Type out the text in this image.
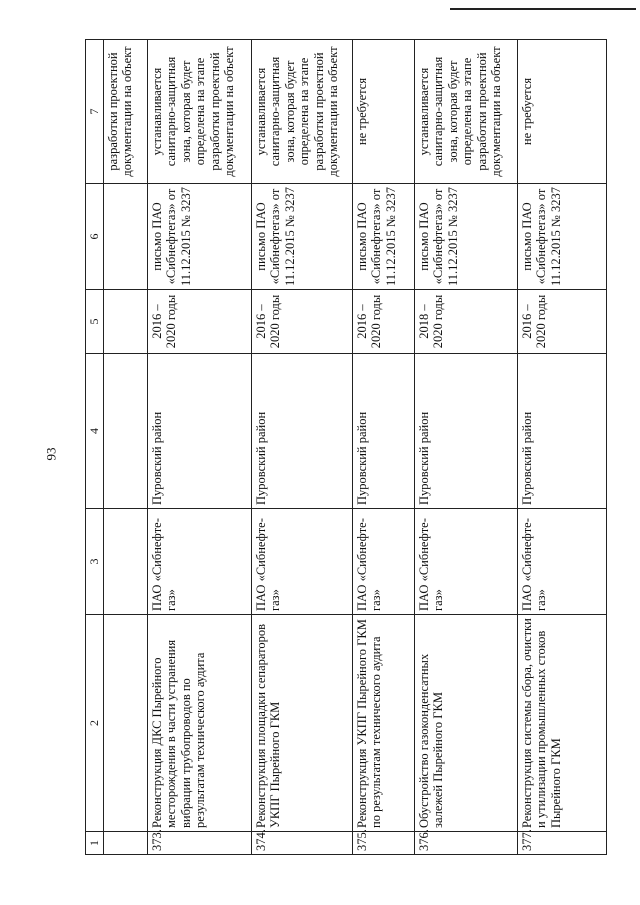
93
1	2	3	4	5	6	7
						разработки проектной документации на объект
373.	Реконструкция ДКС Пырейного месторождения в части устранения вибрации трубопроводов по результатам технического аудита	ПАО «Сибнефте-газ»	Пуровский район	2016 – 2020 годы	письмо ПАО «Сибнефтегаз» от 11.12.2015 № 3237	устанавливается санитарно-защитная зона, которая будет определена на этапе разработки проектной документации на объект
374.	Реконструкция площадки сепараторов УКПГ Пырейного ГКМ	ПАО «Сибнефте-газ»	Пуровский район	2016 – 2020 годы	письмо ПАО «Сибнефтегаз» от 11.12.2015 № 3237	устанавливается санитарно-защитная зона, которая будет определена на этапе разработки проектной документации на объект
375.	Реконструкция УКПГ Пырейного ГКМ по результатам технического аудита	ПАО «Сибнефте-газ»	Пуровский район	2016 – 2020 годы	письмо ПАО «Сибнефтегаз» от 11.12.2015 № 3237	не требуется
376.	Обустройство газоконденсатных залежей Пырейного ГКМ	ПАО «Сибнефте-газ»	Пуровский район	2018 – 2020 годы	письмо ПАО «Сибнефтегаз» от 11.12.2015 № 3237	устанавливается санитарно-защитная зона, которая будет определена на этапе разработки проектной документации на объект
377.	Реконструкция системы сбора, очистки и утилизации промышленных стоков Пырейного ГКМ	ПАО «Сибнефте-газ»	Пуровский район	2016 – 2020 годы	письмо ПАО «Сибнефтегаз» от 11.12.2015 № 3237	не требуется
